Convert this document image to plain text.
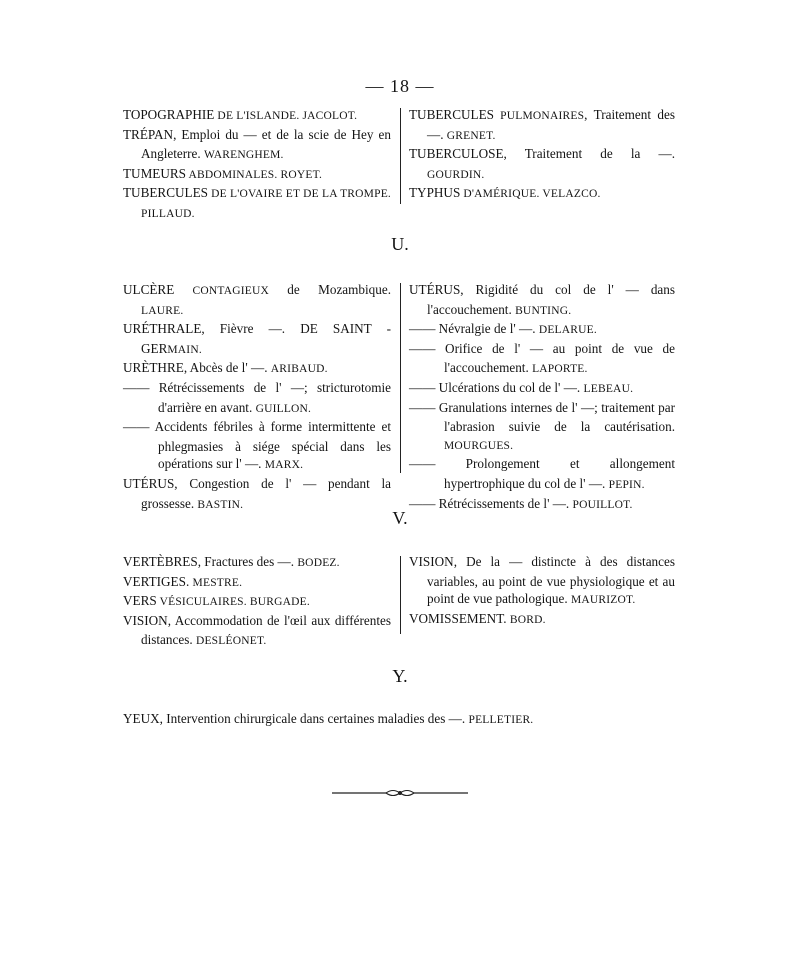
— 18 —

TOPOGRAPHIE DE L'ISLANDE. JACOLOT.

TRÉPAN, Emploi du — et de la scie de Hey en Angleterre. WARENGHEM.

TUMEURS ABDOMINALES. ROYET.

TUBERCULES DE L'OVAIRE ET DE LA TROMPE. PILLAUD.

TUBERCULES PULMONAIRES, Traitement des —. GRENET.

TUBERCULOSE, Traitement de la —. GOURDIN.

TYPHUS D'AMÉRIQUE. VELAZCO.

U.

ULCÈRE CONTAGIEUX de Mozambique. LAURE.

URÉTHRALE, Fièvre —. DE SAINT - GERMAIN.

URÈTHRE, Abcès de l' —. ARIBAUD.

—— Rétrécissements de l' —; stricturotomie d'arrière en avant. GUILLON.

—— Accidents fébriles à forme intermittente et phlegmasies à siége spécial dans les opérations sur l' —. MARX.

UTÉRUS, Congestion de l' — pendant la grossesse. BASTIN.

UTÉRUS, Rigidité du col de l' — dans l'accouchement. BUNTING.

—— Névralgie de l' —. DELARUE.

—— Orifice de l' — au point de vue de l'accouchement. LAPORTE.

—— Ulcérations du col de l' —. LEBEAU.

—— Granulations internes de l' —; traitement par l'abrasion suivie de la cautérisation. MOURGUES.

—— Prolongement et allongement hypertrophique du col de l' —. PEPIN.

—— Rétrécissements de l' —. POUILLOT.

V.

VERTÈBRES, Fractures des —. BODEZ.

VERTIGES. MESTRE.

VERS VÉSICULAIRES. BURGADE.

VISION, Accommodation de l'œil aux différentes distances. DESLÉONET.

VISION, De la — distincte à des distances variables, au point de vue physiologique et au point de vue pathologique. MAURIZOT.

VOMISSEMENT. BORD.

Y.

YEUX, Intervention chirurgicale dans certaines maladies des —. PELLETIER.
